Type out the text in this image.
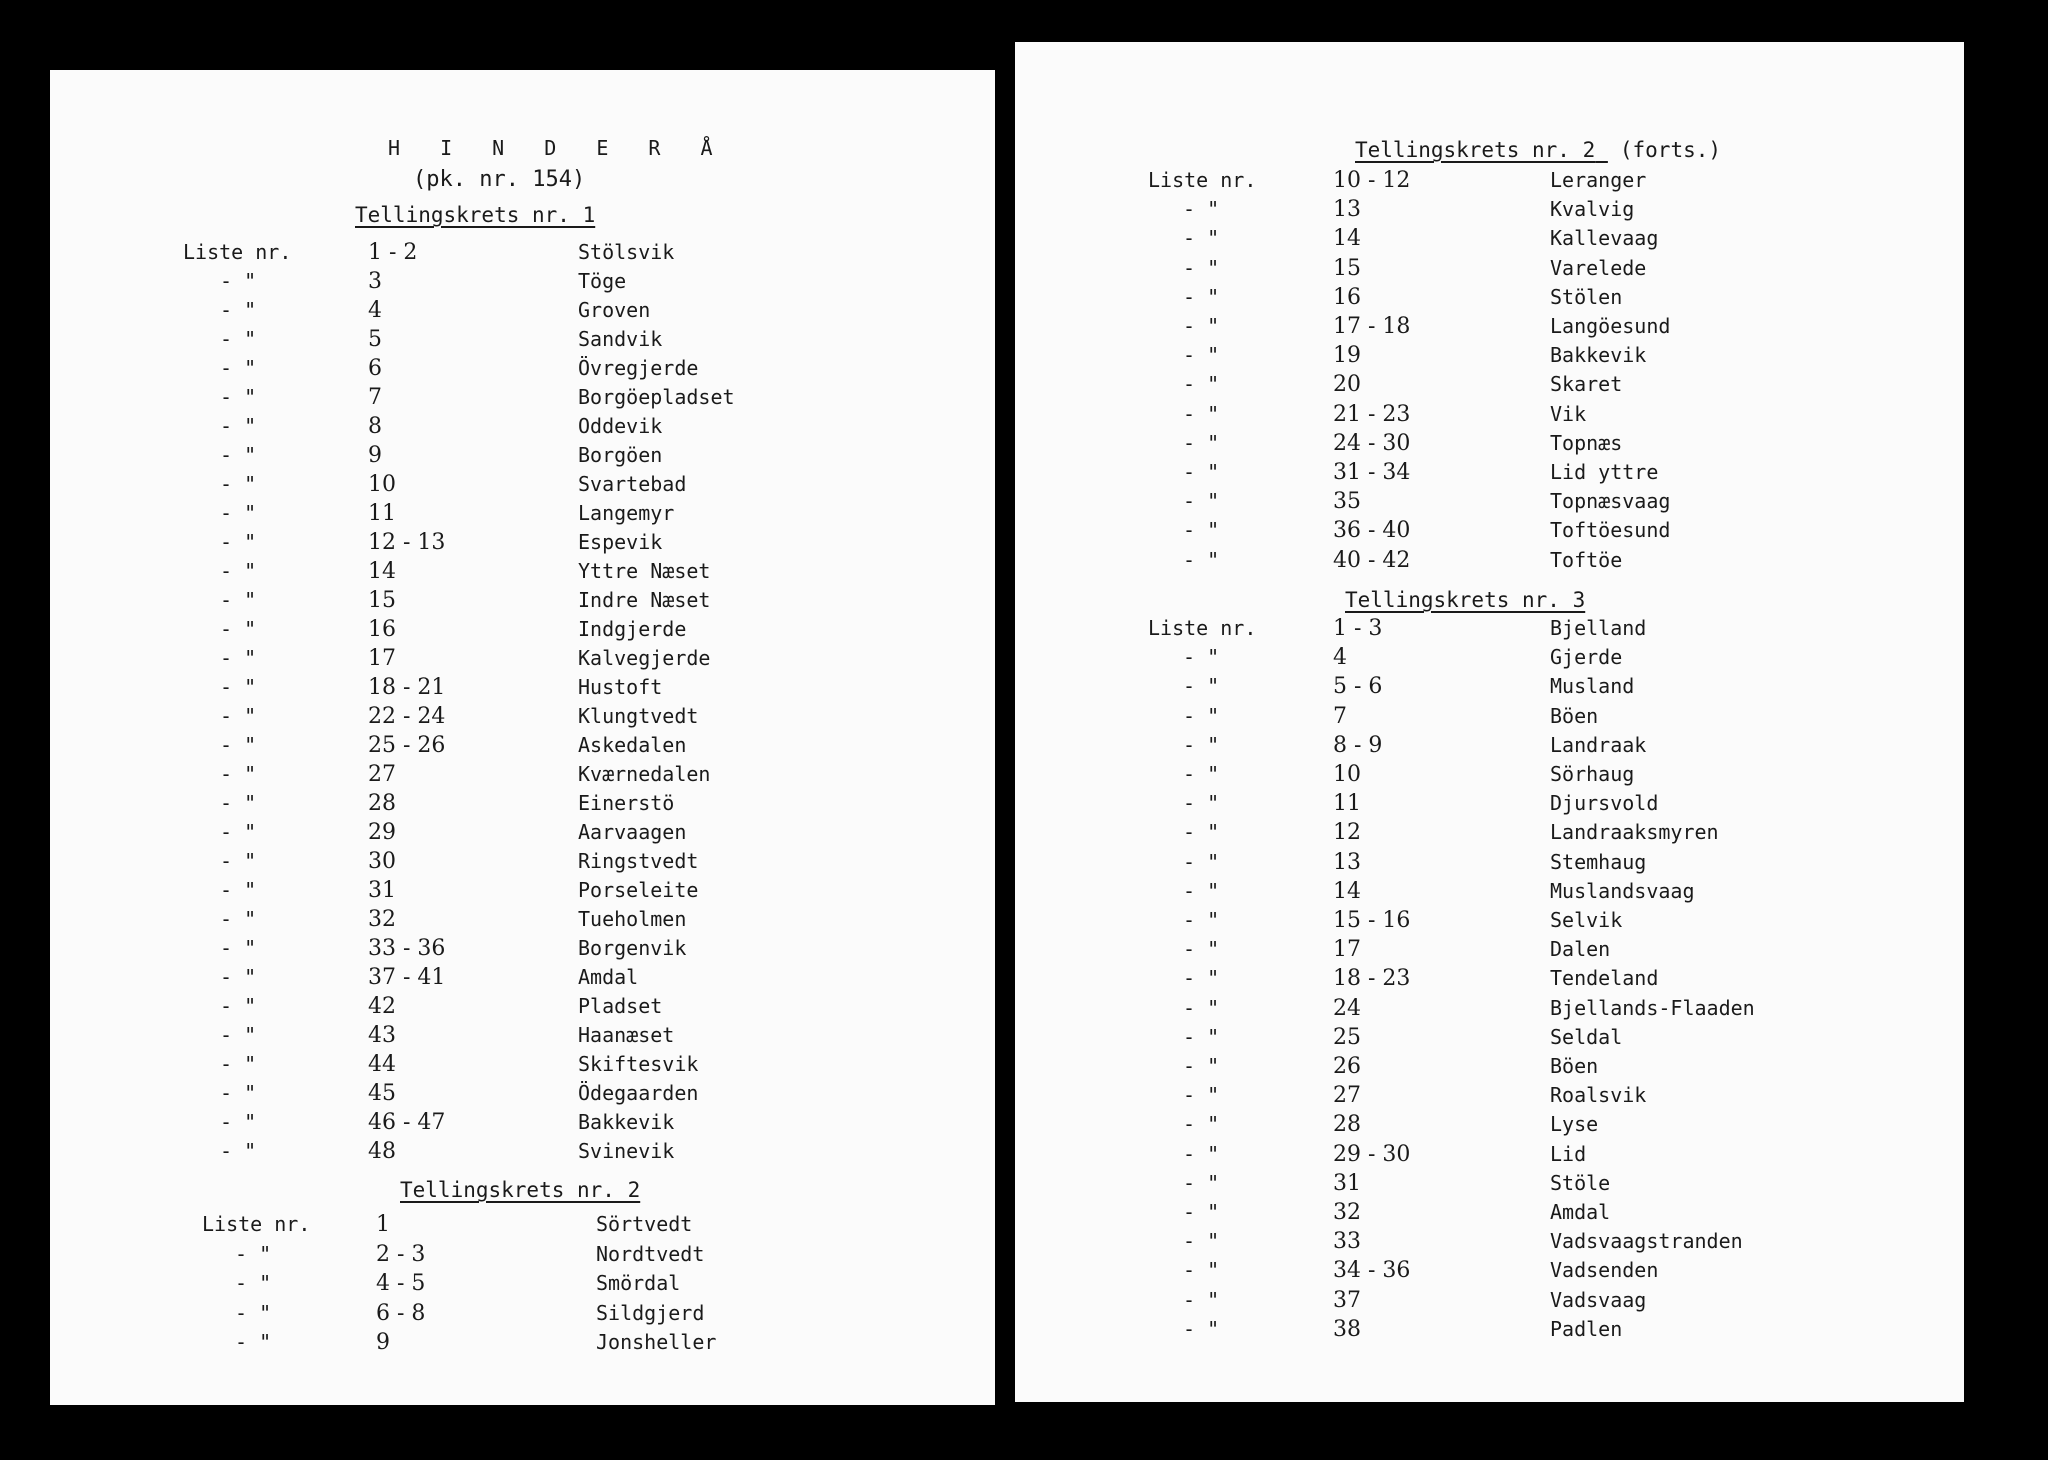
H I N D E R Å
(pk. nr. 154)
Tellingskrets nr. 1
Liste nr.	1 - 2	Stölsvik
- "	3	Töge
- "	4	Groven
- "	5	Sandvik
- "	6	Övregjerde
- "	7	Borgöepladset
- "	8	Oddevik
- "	9	Borgöen
- "	10	Svartebad
- "	11	Langemyr
- "	12 - 13	Espevik
- "	14	Yttre Næset
- "	15	Indre Næset
- "	16	Indgjerde
- "	17	Kalvegjerde
- "	18 - 21	Hustoft
- "	22 - 24	Klungtvedt
- "	25 - 26	Askedalen
- "	27	Kværnedalen
- "	28	Einerstö
- "	29	Aarvaagen
- "	30	Ringstvedt
- "	31	Porseleite
- "	32	Tueholmen
- "	33 - 36	Borgenvik
- "	37 - 41	Amdal
- "	42	Pladset
- "	43	Haanæset
- "	44	Skiftesvik
- "	45	Ödegaarden
- "	46 - 47	Bakkevik
- "	48	Svinevik
Tellingskrets nr. 2
Liste nr.	1	Sörtvedt
- "	2 - 3	Nordtvedt
- "	4 - 5	Smördal
- "	6 - 8	Sildgjerd
- "	9	Jonsheller
Tellingskrets nr. 2 (forts.)
Liste nr.	10 - 12	Leranger
- "	13	Kvalvig
- "	14	Kallevaag
- "	15	Varelede
- "	16	Stölen
- "	17 - 18	Langöesund
- "	19	Bakkevik
- "	20	Skaret
- "	21 - 23	Vik
- "	24 - 30	Topnæs
- "	31 - 34	Lid yttre
- "	35	Topnæsvaag
- "	36 - 40	Toftöesund
- "	40 - 42	Toftöe
Tellingskrets nr. 3
Liste nr.	1 - 3	Bjelland
- "	4	Gjerde
- "	5 - 6	Musland
- "	7	Böen
- "	8 - 9	Landraak
- "	10	Sörhaug
- "	11	Djursvold
- "	12	Landraaksmyren
- "	13	Stemhaug
- "	14	Muslandsvaag
- "	15 - 16	Selvik
- "	17	Dalen
- "	18 - 23	Tendeland
- "	24	Bjellands-Flaaden
- "	25	Seldal
- "	26	Böen
- "	27	Roalsvik
- "	28	Lyse
- "	29 - 30	Lid
- "	31	Stöle
- "	32	Amdal
- "	33	Vadsvaagstranden
- "	34 - 36	Vadsenden
- "	37	Vadsvaag
- "	38	Padlen
